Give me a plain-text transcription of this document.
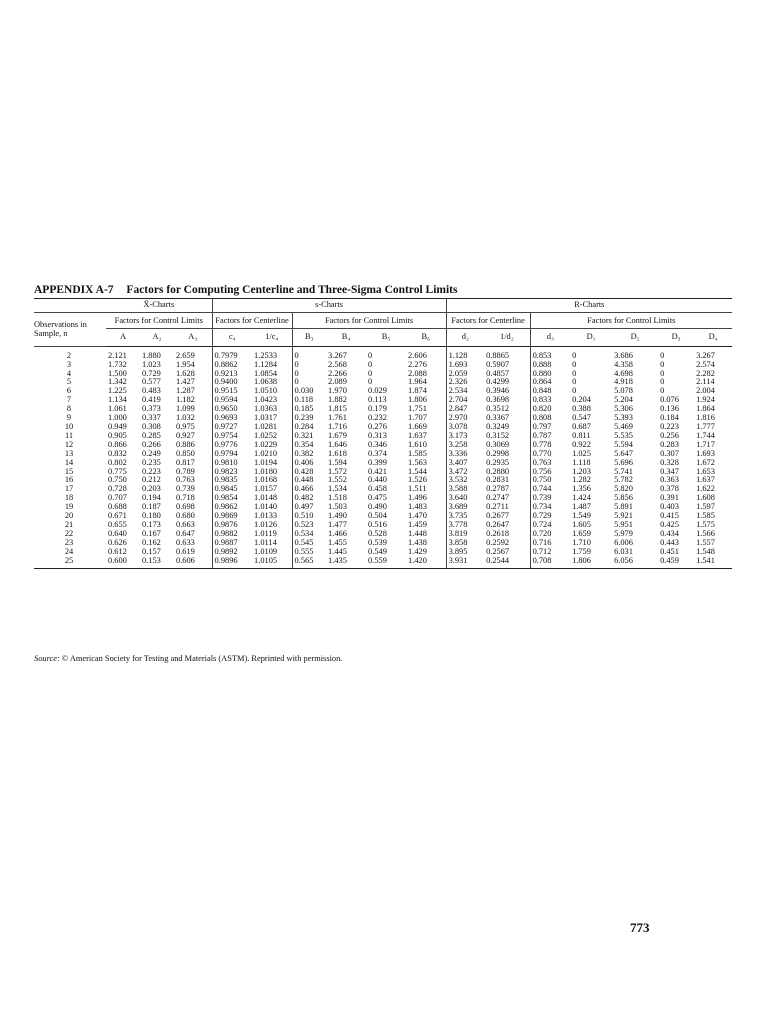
APPENDIX A-7 Factors for Computing Centerline and Three-Sigma Control Limits
	X̄-Charts			s-Charts						R-Charts						
Observations in Sample, n	Factors for Control Limits			Factors for Centerline		Factors for Control Limits				Factors for Centerline		Factors for Control Limits				
	A	A₂	A₃	c₄	1/c₄	B₃	B₄	B₅	B₆	d₂	1/d₂	d₃	D₁	D₂	D₃	D₄
2	2.121	1.880	2.659	0.7979	1.2533	0	3.267	0	2.606	1.128	0.8865	0.853	0	3.686	0	3.267
3	1.732	1.023	1.954	0.8862	1.1284	0	2.568	0	2.276	1.693	0.5907	0.888	0	4.358	0	2.574
4	1.500	0.729	1.628	0.9213	1.0854	0	2.266	0	2.088	2.059	0.4857	0.880	0	4.698	0	2.282
5	1.342	0.577	1.427	0.9400	1.0638	0	2.089	0	1.964	2.326	0.4299	0.864	0	4.918	0	2.114
6	1.225	0.483	1.287	0.9515	1.0510	0.030	1.970	0.029	1.874	2.534	0.3946	0.848	0	5.078	0	2.004
7	1.134	0.419	1.182	0.9594	1.0423	0.118	1.882	0.113	1.806	2.704	0.3698	0.833	0.204	5.204	0.076	1.924
8	1.061	0.373	1.099	0.9650	1.0363	0.185	1.815	0.179	1.751	2.847	0.3512	0.820	0.388	5.306	0.136	1.864
9	1.000	0.337	1.032	0.9693	1.0317	0.239	1.761	0.232	1.707	2.970	0.3367	0.808	0.547	5.393	0.184	1.816
10	0.949	0.308	0.975	0.9727	1.0281	0.284	1.716	0.276	1.669	3.078	0.3249	0.797	0.687	5.469	0.223	1.777
11	0.905	0.285	0.927	0.9754	1.0252	0.321	1.679	0.313	1.637	3.173	0.3152	0.787	0.811	5.535	0.256	1.744
12	0.866	0.266	0.886	0.9776	1.0229	0.354	1.646	0.346	1.610	3.258	0.3069	0.778	0.922	5.594	0.283	1.717
13	0.832	0.249	0.850	0.9794	1.0210	0.382	1.618	0.374	1.585	3.336	0.2998	0.770	1.025	5.647	0.307	1.693
14	0.802	0.235	0.817	0.9810	1.0194	0.406	1.594	0.399	1.563	3.407	0.2935	0.763	1.118	5.696	0.328	1.672
15	0.775	0.223	0.789	0.9823	1.0180	0.428	1.572	0.421	1.544	3.472	0.2880	0.756	1.203	5.741	0.347	1.653
16	0.750	0.212	0.763	0.9835	1.0168	0.448	1.552	0.440	1.526	3.532	0.2831	0.750	1.282	5.782	0.363	1.637
17	0.728	0.203	0.739	0.9845	1.0157	0.466	1.534	0.458	1.511	3.588	0.2787	0.744	1.356	5.820	0.378	1.622
18	0.707	0.194	0.718	0.9854	1.0148	0.482	1.518	0.475	1.496	3.640	0.2747	0.739	1.424	5.856	0.391	1.608
19	0.688	0.187	0.698	0.9862	1.0140	0.497	1.503	0.490	1.483	3.689	0.2711	0.734	1.487	5.891	0.403	1.597
20	0.671	0.180	0.680	0.9869	1.0133	0.510	1.490	0.504	1.470	3.735	0.2677	0.729	1.549	5.921	0.415	1.585
21	0.655	0.173	0.663	0.9876	1.0126	0.523	1.477	0.516	1.459	3.778	0.2647	0.724	1.605	5.951	0.425	1.575
22	0.640	0.167	0.647	0.9882	1.0119	0.534	1.466	0.528	1.448	3.819	0.2618	0.720	1.659	5.979	0.434	1.566
23	0.626	0.162	0.633	0.9887	1.0114	0.545	1.455	0.539	1.438	3.858	0.2592	0.716	1.710	6.006	0.443	1.557
24	0.612	0.157	0.619	0.9892	1.0109	0.555	1.445	0.549	1.429	3.895	0.2567	0.712	1.759	6.031	0.451	1.548
25	0.600	0.153	0.606	0.9896	1.0105	0.565	1.435	0.559	1.420	3.931	0.2544	0.708	1.806	6.056	0.459	1.541
Source: © American Society for Testing and Materials (ASTM). Reprinted with permission.
773
